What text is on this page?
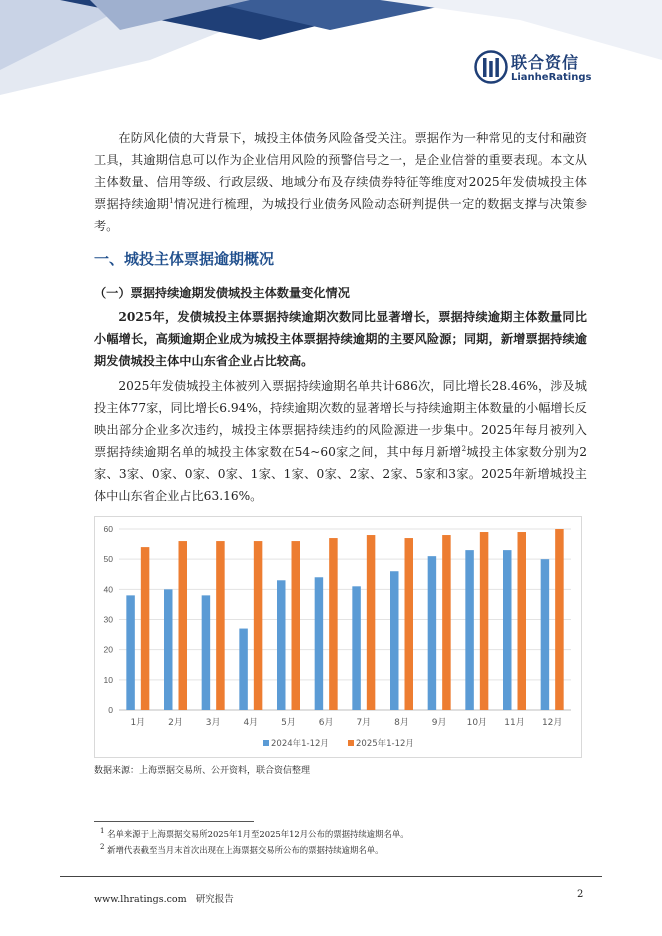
联合资信
LianheRatings

在防风化债的大背景下，城投主体债务风险备受关注。票据作为一种常见的支付和融资工具，其逾期信息可以作为企业信用风险的预警信号之一，是企业信誉的重要表现。本文从主体数量、信用等级、行政层级、地域分布及存续债券特征等维度对2025年发债城投主体票据持续逾期$^1$情况进行梳理，为城投行业债务风险动态研判提供一定的数据支撑与决策参考。

一、城投主体票据逾期概况
（一）票据持续逾期发债城投主体数量变化情况

2025年，发债城投主体票据持续逾期次数同比显著增长，票据持续逾期主体数量同比小幅增长，高频逾期企业成为城投主体票据持续逾期的主要风险源；同期，新增票据持续逾期发债城投主体中山东省企业占比较高。

2025年发债城投主体被列入票据持续逾期名单共计686次，同比增长28.46%，涉及城投主体77家，同比增长6.94%，持续逾期次数的显著增长与持续逾期主体数量的小幅增长反映出部分企业多次违约，城投主体票据持续违约的风险源进一步集中。2025年每月被列入票据持续逾期名单的城投主体家数在54~60家之间，其中每月新增$^2$城投主体家数分别为2家、3家、0家、0家、0家、1家、1家、0家、2家、2家、5家和3家。2025年新增城投主体中山东省企业占比63.16%。

0
10
20
30
40
50
60
1月	2月	3月	4月	5月	6月	7月	8月	9月 10月 11月 12月
2024年1-12月	2025年1-12月
数据来源：上海票据交易所、公开资料，联合资信整理
$^1$ 名单来源于上海票据交易所2025年1月至2025年12月公布的票据持续逾期名单。
$^2$ 新增代表截至当月末首次出现在上海票据交易所公布的票据持续逾期名单。
www.lhratings.com 研究报告	2
